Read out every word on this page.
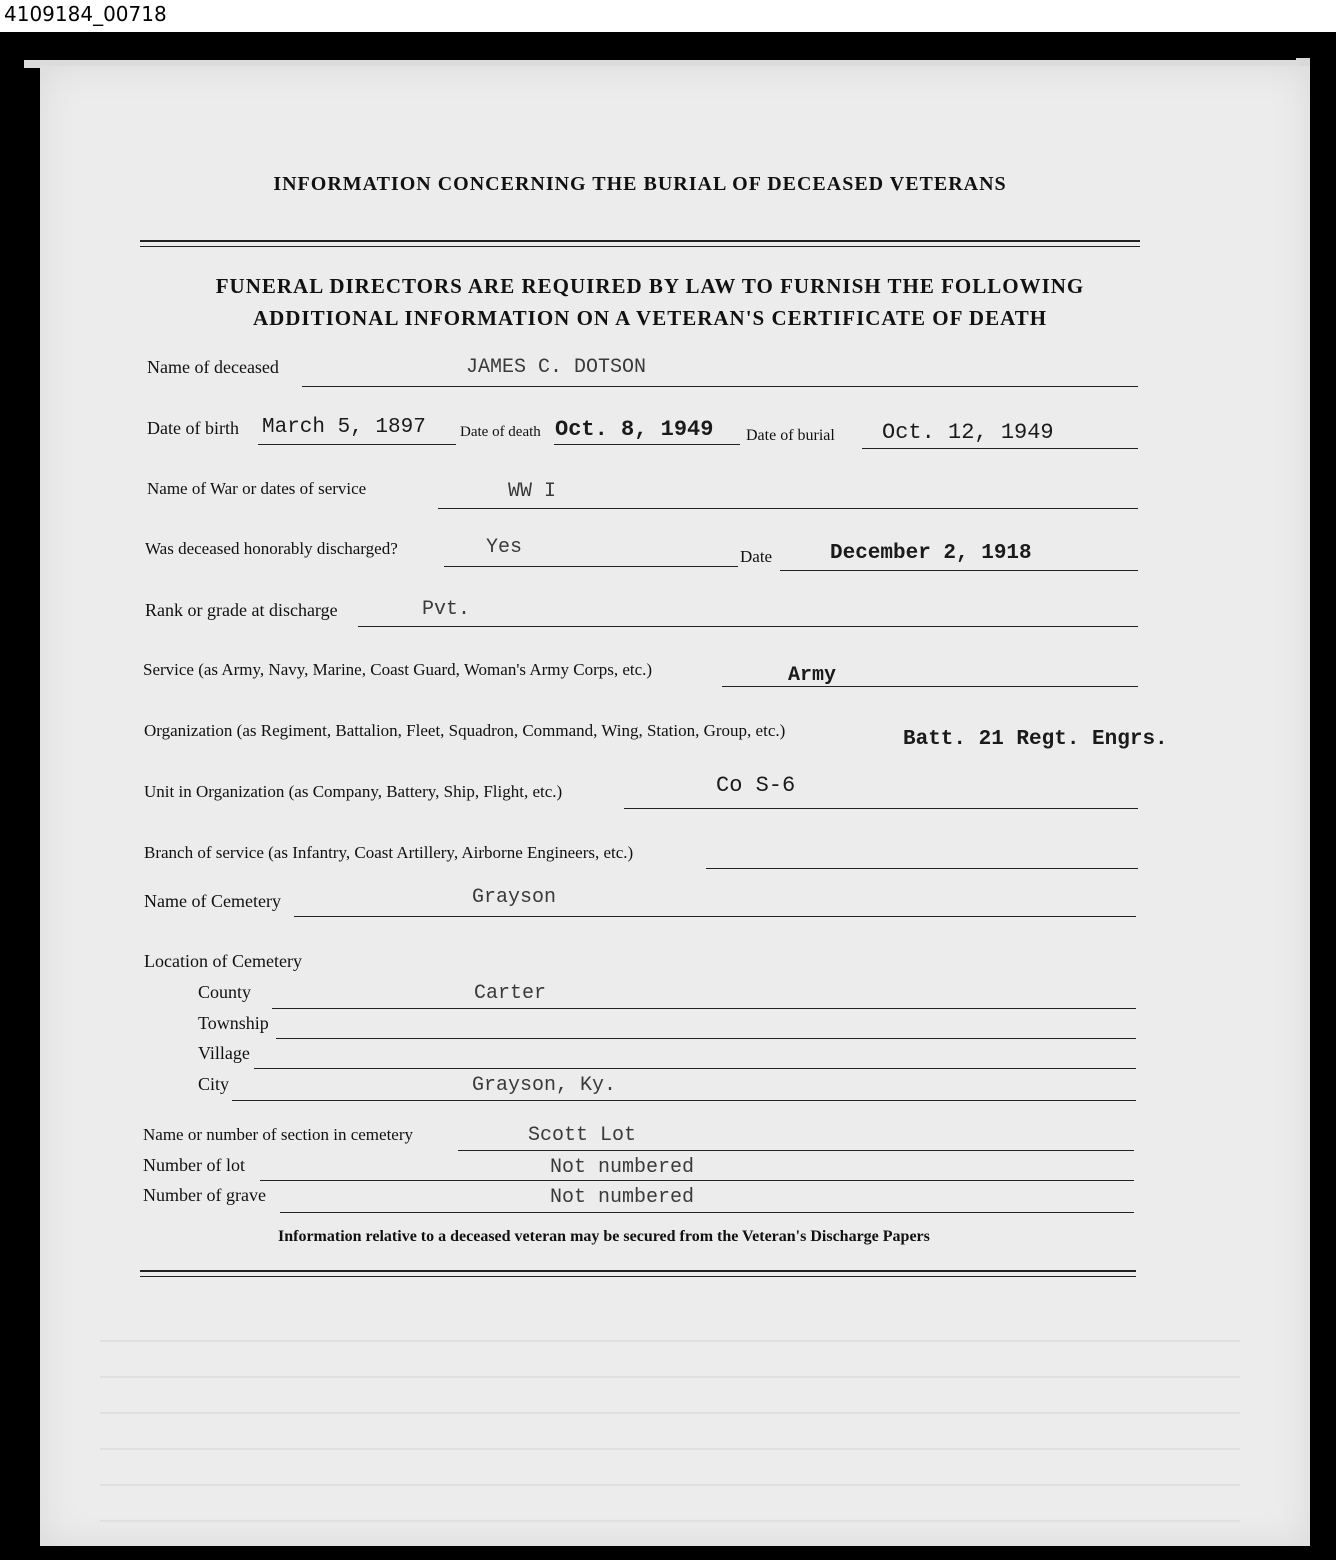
4109184_00718
INFORMATION CONCERNING THE BURIAL OF DECEASED VETERANS
FUNERAL DIRECTORS ARE REQUIRED BY LAW TO FURNISH THE FOLLOWING
ADDITIONAL INFORMATION ON A VETERAN'S CERTIFICATE OF DEATH
Name of deceased	JAMES C. DOTSON
Date of birth March 5, 1897 Date of death Oct. 8, 1949 Date of burial Oct. 12, 1949
Name of War or dates of service	WW I
Was deceased honorably discharged?	Yes	Date	December 2, 1918
Rank or grade at discharge	Pvt.
Service (as Army, Navy, Marine, Coast Guard, Woman's Army Corps, etc.)	Army
Organization (as Regiment, Battalion, Fleet, Squadron, Command, Wing, Station, Group, etc.)	Batt. 21 Regt. Engrs.
Unit in Organization (as Company, Battery, Ship, Flight, etc.)	Co S-6
Branch of service (as Infantry, Coast Artillery, Airborne Engineers, etc.)
Name of Cemetery	Grayson
Location of Cemetery
County	Carter
Township
Village
City	Grayson, Ky.
Name or number of section in cemetery	Scott Lot
Number of lot	Not numbered
Number of grave	Not numbered
Information relative to a deceased veteran may be secured from the Veteran's Discharge Papers
